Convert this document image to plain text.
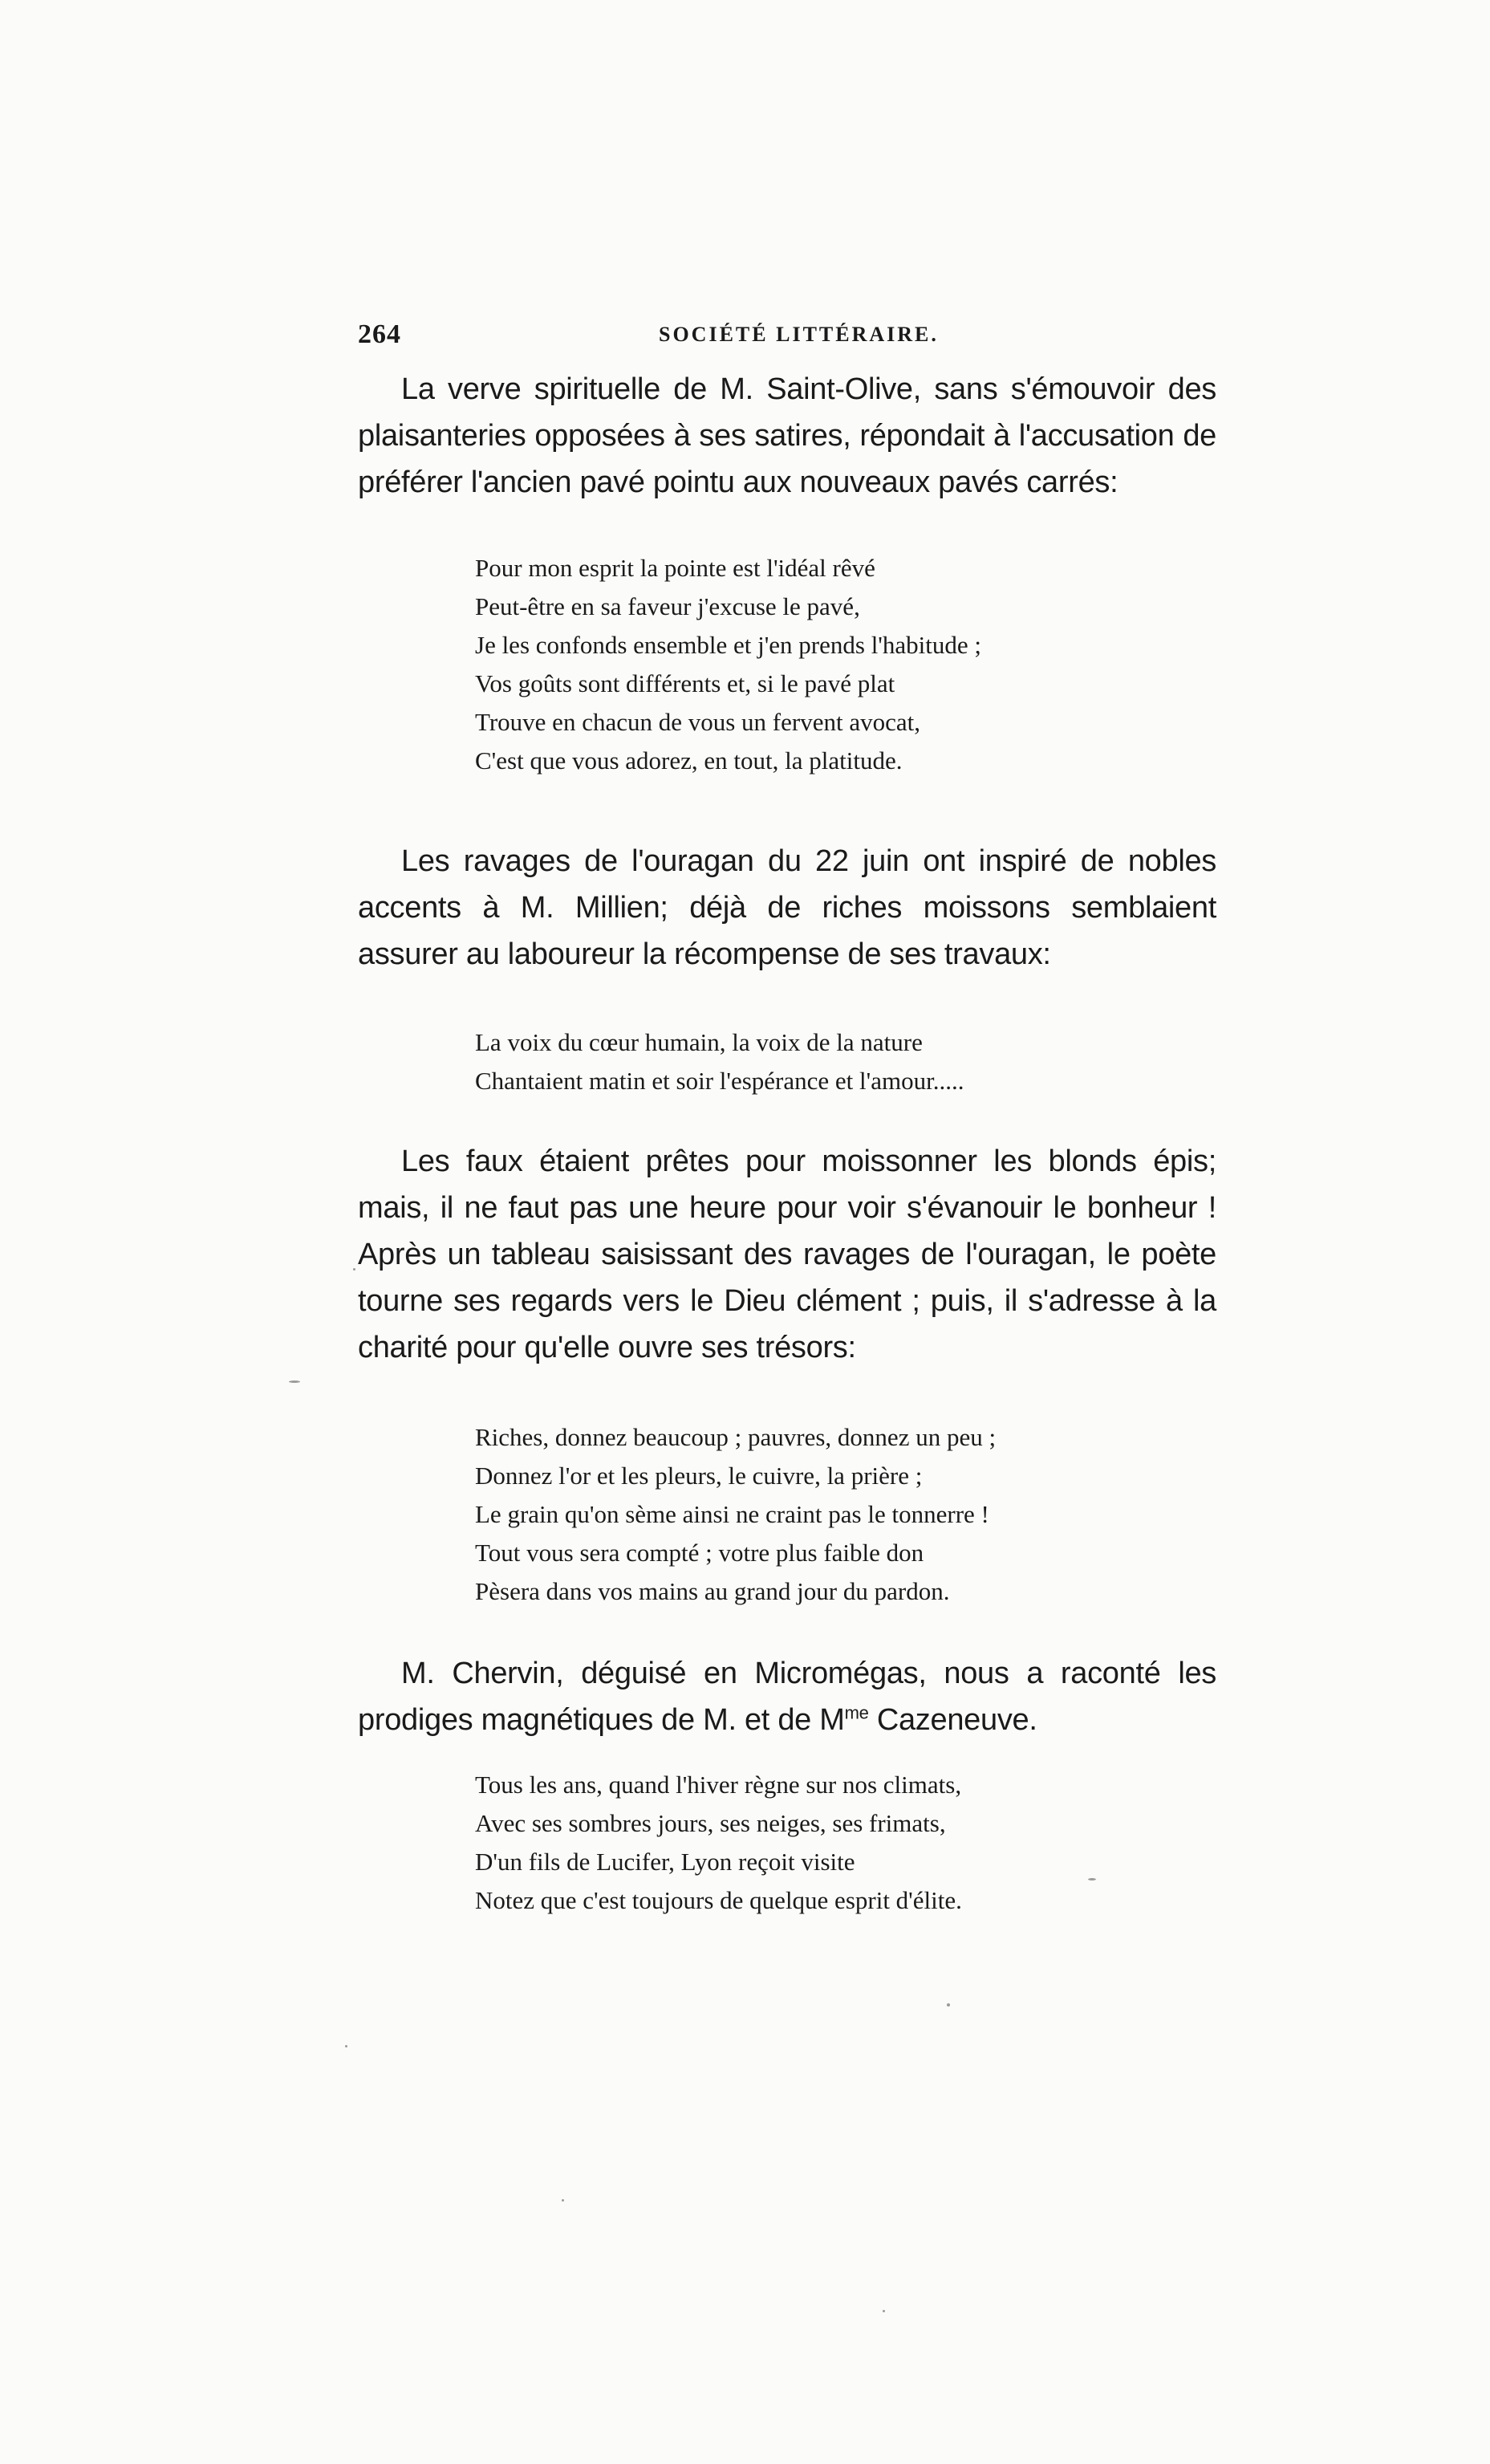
264	SOCIÉTÉ LITTÉRAIRE.

La verve spirituelle de M. Saint-Olive, sans s'émouvoir des plaisanteries opposées à ses satires, répondait à l'accusation de préférer l'ancien pavé pointu aux nouveaux pavés carrés:

Pour mon esprit la pointe est l'idéal rêvé
Peut-être en sa faveur j'excuse le pavé,
Je les confonds ensemble et j'en prends l'habitude ;
Vos goûts sont différents et, si le pavé plat
Trouve en chacun de vous un fervent avocat,
C'est que vous adorez, en tout, la platitude.

Les ravages de l'ouragan du 22 juin ont inspiré de nobles accents à M. Millien; déjà de riches moissons semblaient assurer au laboureur la récompense de ses travaux:

La voix du cœur humain, la voix de la nature
Chantaient matin et soir l'espérance et l'amour.....

Les faux étaient prêtes pour moissonner les blonds épis; mais, il ne faut pas une heure pour voir s'évanouir le bonheur ! Après un tableau saisissant des ravages de l'ouragan, le poète tourne ses regards vers le Dieu clément ; puis, il s'adresse à la charité pour qu'elle ouvre ses trésors:

Riches, donnez beaucoup ; pauvres, donnez un peu ;
Donnez l'or et les pleurs, le cuivre, la prière ;
Le grain qu'on sème ainsi ne craint pas le tonnerre !
Tout vous sera compté ; votre plus faible don
Pèsera dans vos mains au grand jour du pardon.

M. Chervin, déguisé en Micromégas, nous a raconté les prodiges magnétiques de M. et de $M^{me}$ Cazeneuve.

Tous les ans, quand l'hiver règne sur nos climats,
Avec ses sombres jours, ses neiges, ses frimats,
D'un fils de Lucifer, Lyon reçoit visite
Notez que c'est toujours de quelque esprit d'élite.
